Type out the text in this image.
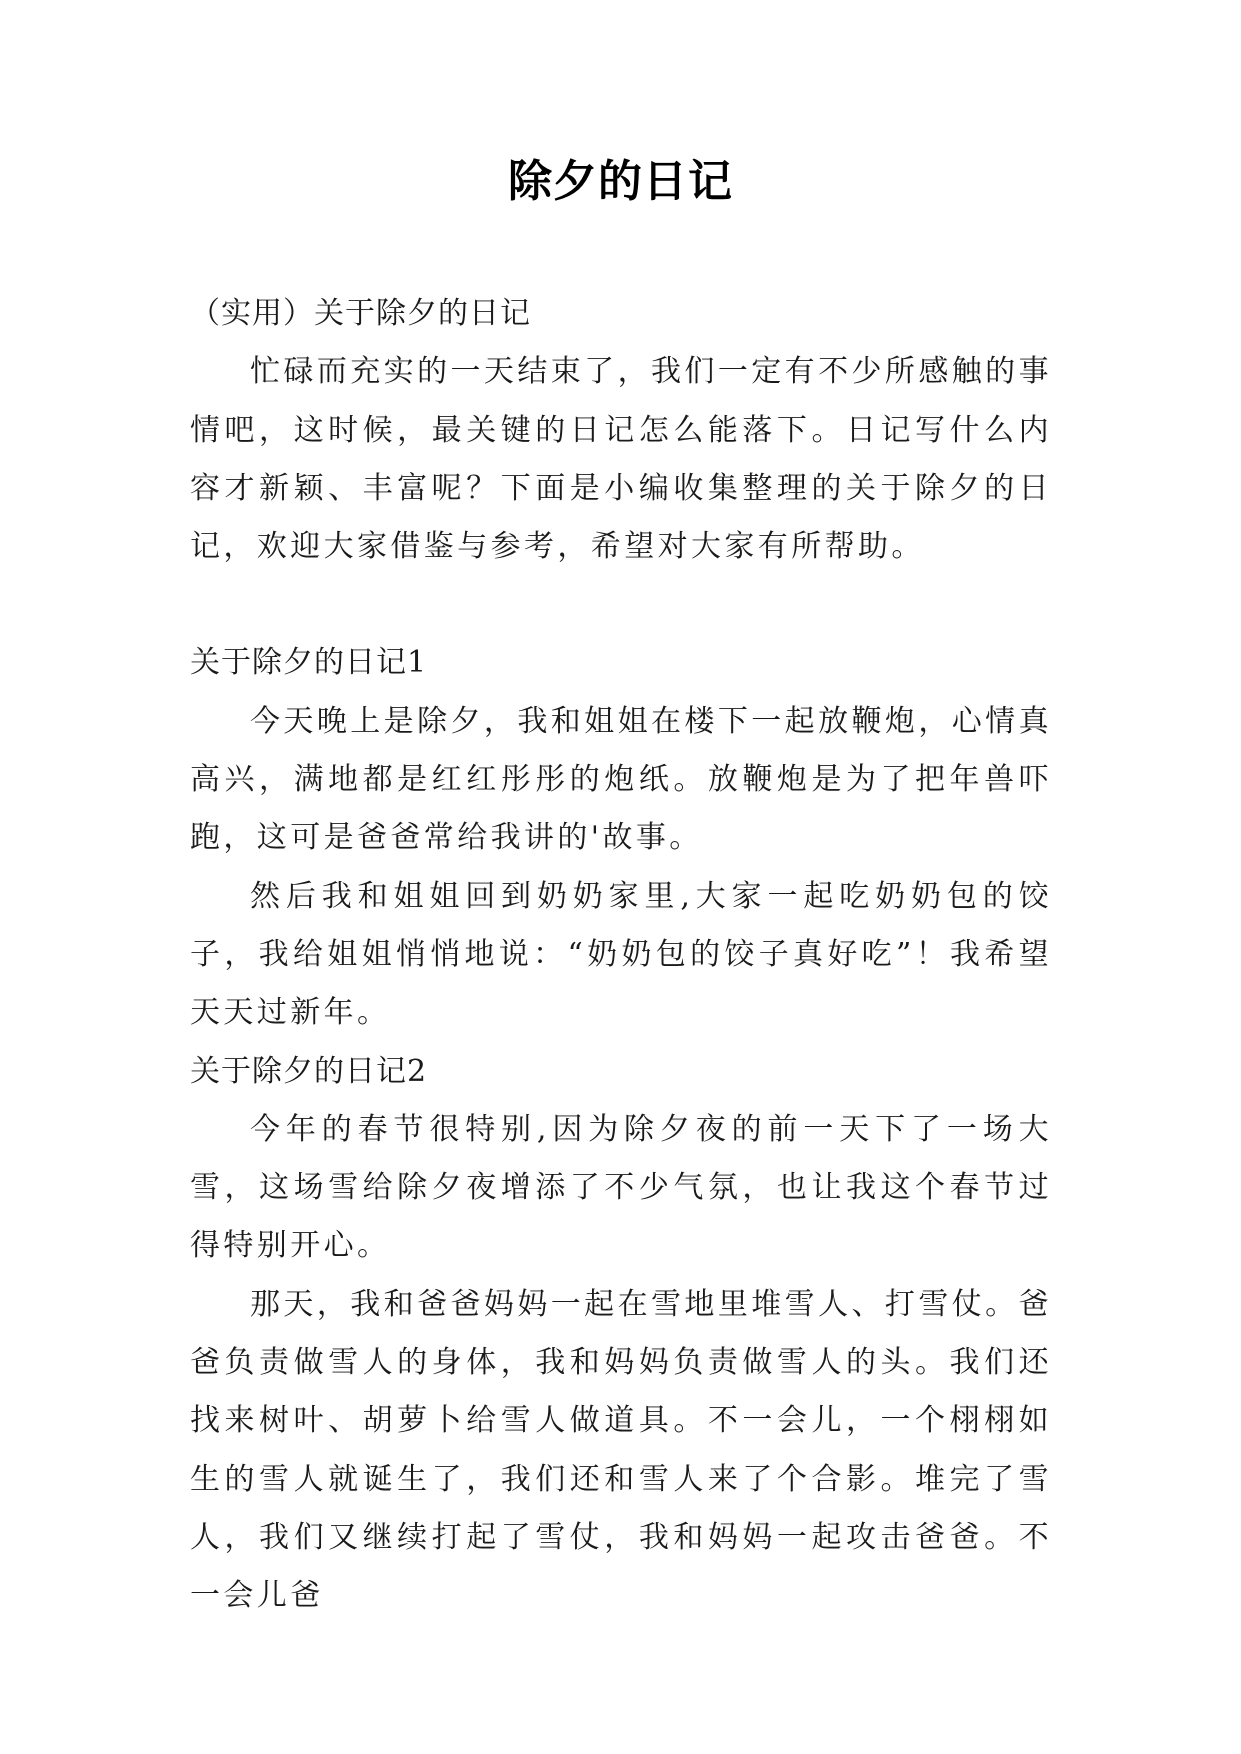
除夕的日记

（实用）关于除夕的日记

忙碌而充实的一天结束了，我们一定有不少所感触的事情吧，这时候，最关键的日记怎么能落下。日记写什么内容才新颖、丰富呢？下面是小编收集整理的关于除夕的日记，欢迎大家借鉴与参考，希望对大家有所帮助。

关于除夕的日记1

今天晚上是除夕，我和姐姐在楼下一起放鞭炮，心情真高兴，满地都是红红彤彤的炮纸。放鞭炮是为了把年兽吓跑，这可是爸爸常给我讲的'故事。

然后我和姐姐回到奶奶家里,大家一起吃奶奶包的饺子，我给姐姐悄悄地说：“奶奶包的饺子真好吃”！我希望天天过新年。

关于除夕的日记2

今年的春节很特别,因为除夕夜的前一天下了一场大雪，这场雪给除夕夜增添了不少气氛，也让我这个春节过得特别开心。

那天，我和爸爸妈妈一起在雪地里堆雪人、打雪仗。爸爸负责做雪人的身体，我和妈妈负责做雪人的头。我们还找来树叶、胡萝卜给雪人做道具。不一会儿，一个栩栩如生的雪人就诞生了，我们还和雪人来了个合影。堆完了雪人，我们又继续打起了雪仗，我和妈妈一起攻击爸爸。不一会儿爸
